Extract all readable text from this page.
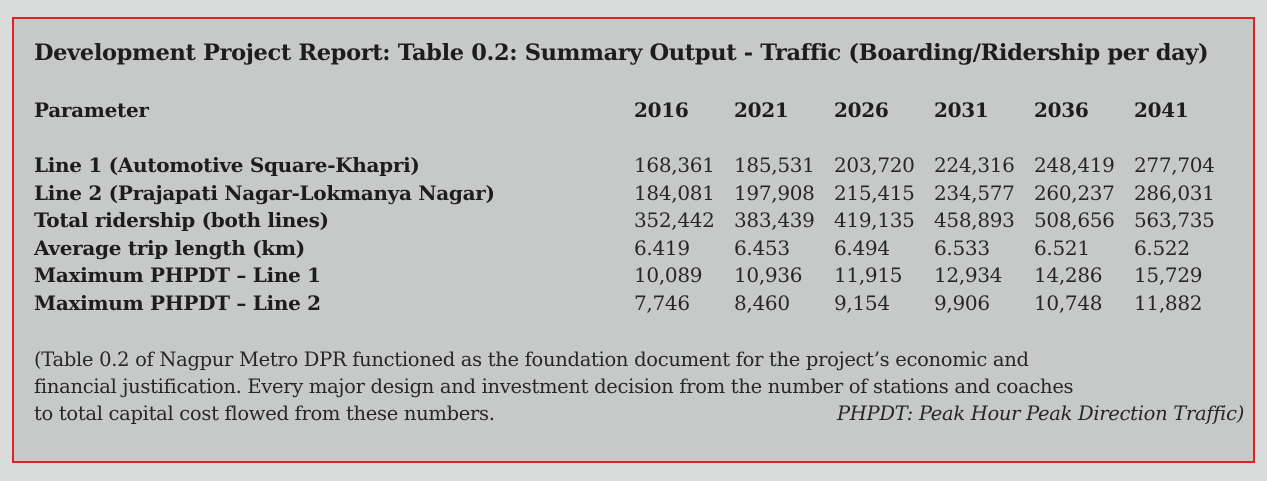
Development Project Report: Table 0.2: Summary Output - Traffic (Boarding/Ridership per day)
Parameter	2016	2021	2026	2031	2036	2041

Line 1 (Automotive Square-Khapri)	168,361	185,531	203,720	224,316	248,419	277,704
Line 2 (Prajapati Nagar-Lokmanya Nagar)	184,081	197,908	215,415	234,577	260,237	286,031
Total ridership (both lines)	352,442	383,439	419,135	458,893	508,656	563,735
Average trip length (km)	6.419	6.453	6.494	6.533	6.521	6.522
Maximum PHPDT – Line 1	10,089	10,936	11,915	12,934	14,286	15,729
Maximum PHPDT – Line 2	7,746	8,460	9,154	9,906	10,748	11,882
(Table 0.2 of Nagpur Metro DPR functioned as the foundation document for the project’s economic and
financial justification. Every major design and investment decision from the number of stations and coaches
to total capital cost flowed from these numbers.	PHPDT: Peak Hour Peak Direction Traffic)
